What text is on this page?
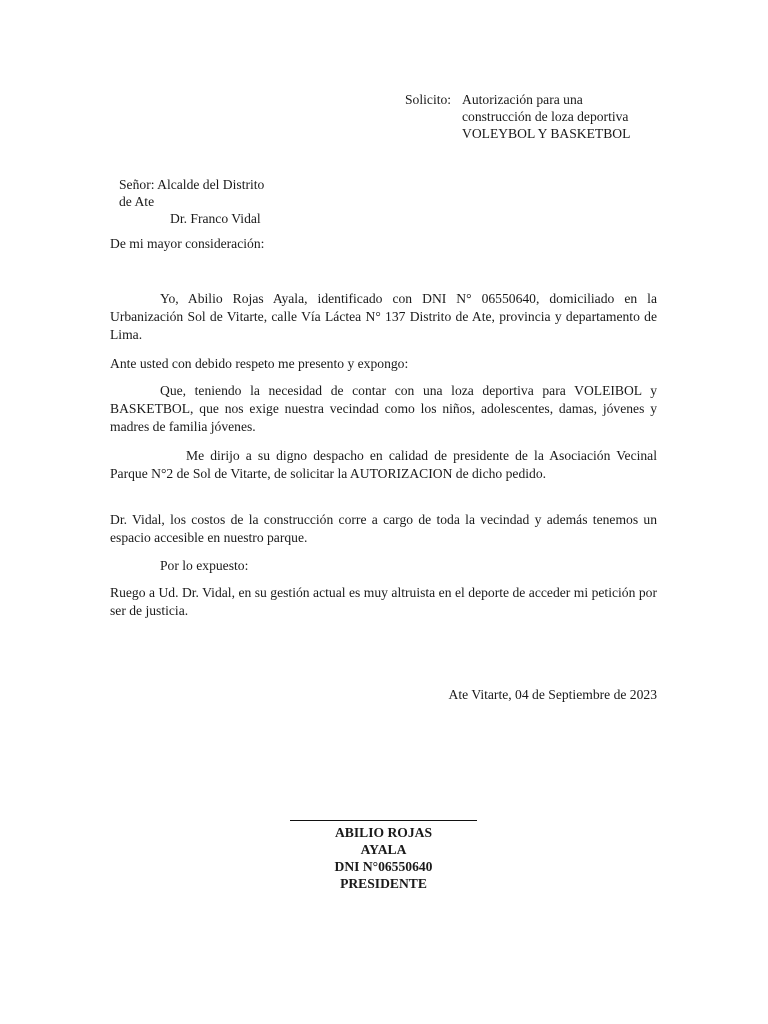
Solicito: Autorización para una
construcción de loza deportiva
VOLEYBOL Y BASKETBOL
Señor: Alcalde del Distrito
de Ate
Dr. Franco Vidal
De mi mayor consideración:
Yo, Abilio Rojas Ayala, identificado con DNI N° 06550640, domiciliado en la Urbanización Sol de Vitarte, calle Vía Láctea N° 137 Distrito de Ate, provincia y departamento de Lima.
Ante usted con debido respeto me presento y expongo:
Que, teniendo la necesidad de contar con una loza deportiva para VOLEIBOL y BASKETBOL, que nos exige nuestra vecindad como los niños, adolescentes, damas, jóvenes y madres de familia jóvenes.
Me dirijo a su digno despacho en calidad de presidente de la Asociación Vecinal Parque N°2 de Sol de Vitarte, de solicitar la AUTORIZACION de dicho pedido.
Dr. Vidal, los costos de la construcción corre a cargo de toda la vecindad y además tenemos un espacio accesible en nuestro parque.
Por lo expuesto:
Ruego a Ud. Dr. Vidal, en su gestión actual es muy altruista en el deporte de acceder mi petición por ser de justicia.
Ate Vitarte, 04 de Septiembre de 2023
ABILIO ROJAS
AYALA
DNI N°06550640
PRESIDENTE
